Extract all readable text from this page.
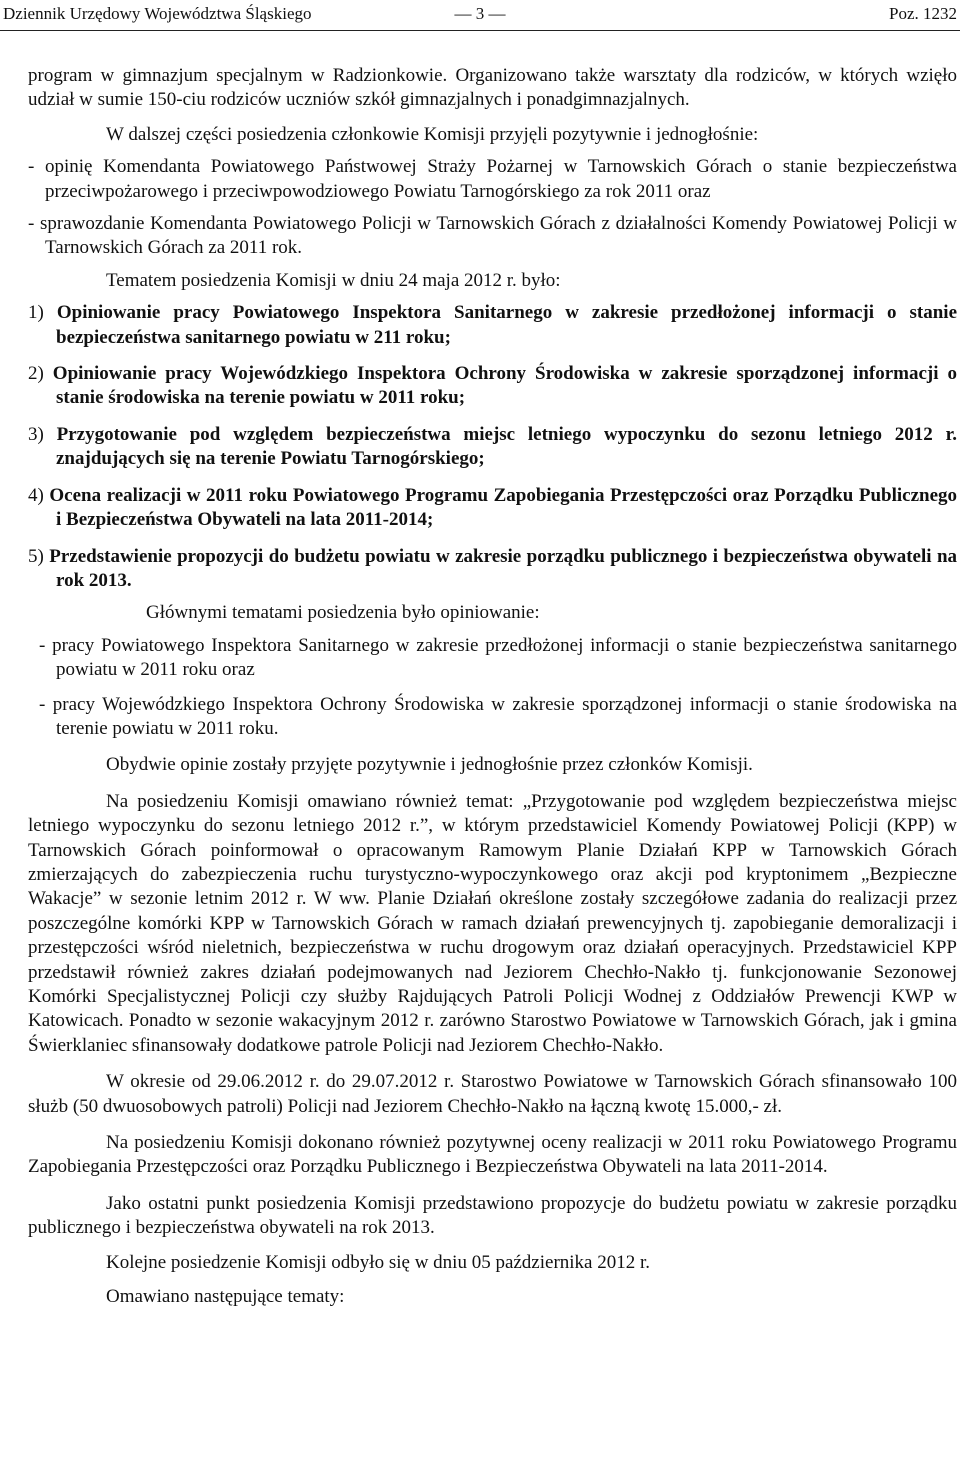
Dziennik Urzędowy Województwa Śląskiego	— 3 —	Poz. 1232

program w gimnazjum specjalnym w Radzionkowie. Organizowano także warsztaty dla rodziców, w których wzięło udział w sumie 150-ciu rodziców uczniów szkół gimnazjalnych i ponadgimnazjalnych.

W dalszej części posiedzenia członkowie Komisji przyjęli pozytywnie i jednogłośnie:

- opinię Komendanta Powiatowego Państwowej Straży Pożarnej w Tarnowskich Górach o stanie bezpieczeństwa przeciwpożarowego i przeciwpowodziowego Powiatu Tarnogórskiego za rok 2011 oraz

- sprawozdanie Komendanta Powiatowego Policji w Tarnowskich Górach z działalności Komendy Powiatowej Policji w Tarnowskich Górach za 2011 rok.

Tematem posiedzenia Komisji w dniu 24 maja 2012 r. było:

1) Opiniowanie pracy Powiatowego Inspektora Sanitarnego w zakresie przedłożonej informacji o stanie bezpieczeństwa sanitarnego powiatu w 211 roku;

2) Opiniowanie pracy Wojewódzkiego Inspektora Ochrony Środowiska w zakresie sporządzonej informacji o stanie środowiska na terenie powiatu w 2011 roku;

3) Przygotowanie pod względem bezpieczeństwa miejsc letniego wypoczynku do sezonu letniego 2012 r. znajdujących się na terenie Powiatu Tarnogórskiego;

4) Ocena realizacji w 2011 roku Powiatowego Programu Zapobiegania Przestępczości oraz Porządku Publicznego i Bezpieczeństwa Obywateli na lata 2011-2014;

5) Przedstawienie propozycji do budżetu powiatu w zakresie porządku publicznego i bezpieczeństwa obywateli na rok 2013.

Głównymi tematami posiedzenia było opiniowanie:

- pracy Powiatowego Inspektora Sanitarnego w zakresie przedłożonej informacji o stanie bezpieczeństwa sanitarnego powiatu w 2011 roku oraz

- pracy Wojewódzkiego Inspektora Ochrony Środowiska w zakresie sporządzonej informacji o stanie środowiska na terenie powiatu w 2011 roku.

Obydwie opinie zostały przyjęte pozytywnie i jednogłośnie przez członków Komisji.

Na posiedzeniu Komisji omawiano również temat: „Przygotowanie pod względem bezpieczeństwa miejsc letniego wypoczynku do sezonu letniego 2012 r.”, w którym przedstawiciel Komendy Powiatowej Policji (KPP) w Tarnowskich Górach poinformował o opracowanym Ramowym Planie Działań KPP w Tarnowskich Górach zmierzających do zabezpieczenia ruchu turystyczno-wypoczynkowego oraz akcji pod kryptonimem „Bezpieczne Wakacje” w sezonie letnim 2012 r. W ww. Planie Działań określone zostały szczegółowe zadania do realizacji przez poszczególne komórki KPP w Tarnowskich Górach w ramach działań prewencyjnych tj. zapobieganie demoralizacji i przestępczości wśród nieletnich, bezpieczeństwa w ruchu drogowym oraz działań operacyjnych. Przedstawiciel KPP przedstawił również zakres działań podejmowanych nad Jeziorem Chechło-Nakło tj. funkcjonowanie Sezonowej Komórki Specjalistycznej Policji czy służby Rajdujących Patroli Policji Wodnej z Oddziałów Prewencji KWP w Katowicach. Ponadto w sezonie wakacyjnym 2012 r. zarówno Starostwo Powiatowe w Tarnowskich Górach, jak i gmina Świerklaniec sfinansowały dodatkowe patrole Policji nad Jeziorem Chechło-Nakło.

W okresie od 29.06.2012 r. do 29.07.2012 r. Starostwo Powiatowe w Tarnowskich Górach sfinansowało 100 służb (50 dwuosobowych patroli) Policji nad Jeziorem Chechło-Nakło na łączną kwotę 15.000,- zł.

Na posiedzeniu Komisji dokonano również pozytywnej oceny realizacji w 2011 roku Powiatowego Programu Zapobiegania Przestępczości oraz Porządku Publicznego i Bezpieczeństwa Obywateli na lata 2011-2014.

Jako ostatni punkt posiedzenia Komisji przedstawiono propozycje do budżetu powiatu w zakresie porządku publicznego i bezpieczeństwa obywateli na rok 2013.

Kolejne posiedzenie Komisji odbyło się w dniu 05 października 2012 r.

Omawiano następujące tematy:
